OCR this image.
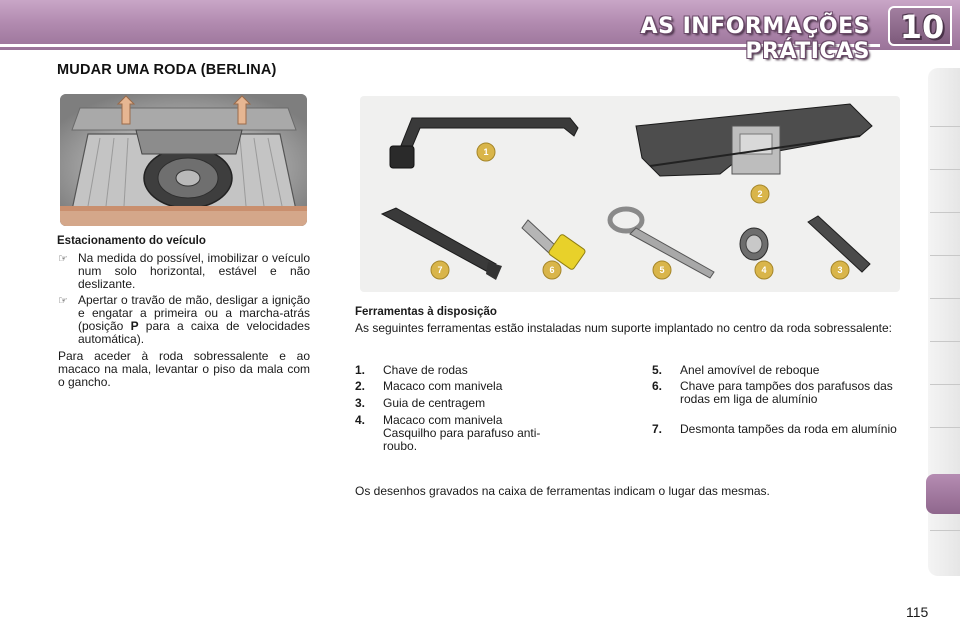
AS INFORMAÇÕES PRÁTICAS
10
MUDAR UMA RODA (BERLINA)
1
2
3
4
5
6
7
Estacionamento do veículo
☞ Na medida do possível, imobilizar o veículo num solo horizontal, estável e não deslizante.
☞ Apertar o travão de mão, desligar a ignição e engatar a primeira ou a marcha-atrás (posição P para a caixa de velocidades automática).
Para aceder à roda sobressalente e ao macaco na mala, levantar o piso da mala com o gancho.
Ferramentas à disposição
As seguintes ferramentas estão instaladas num suporte implantado no centro da roda sobressalente:
1. Chave de rodas
2. Macaco com manivela
3. Guia de centragem
4. Macaco com manivela
Casquilho para parafuso anti-roubo.
5. Anel amovível de reboque
6. Chave para tampões dos parafusos das rodas em liga de alumínio
7. Desmonta tampões da roda em alumínio
Os desenhos gravados na caixa de ferramentas indicam o lugar das mesmas.
115
